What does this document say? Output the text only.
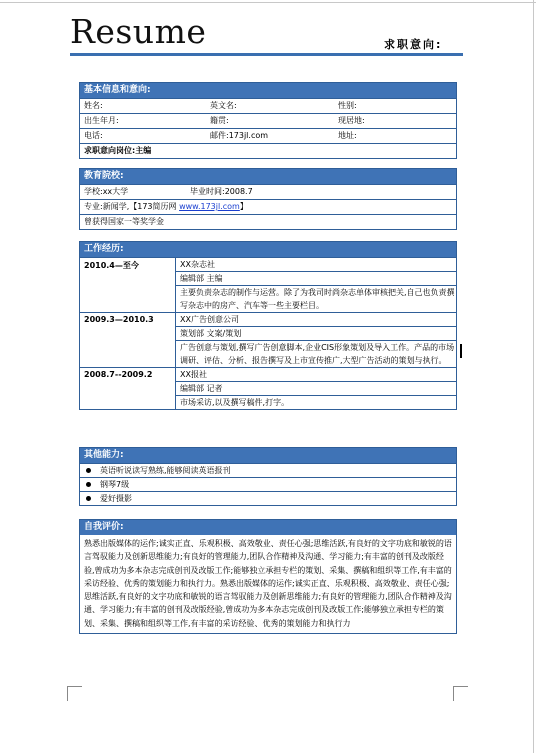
Resume	求职意向:
基本信息和意向:
姓名:	英文名:	性别:
出生年月:	籍贯:	现居地:
电话:	邮件:173jl.com	地址:
求职意向岗位:主编
教育院校:
学校:xx大学	毕业时间:2008.7
专业:新闻学,【173简历网 www.173jl.com】
曾获得国家一等奖学金
工作经历:
2010.4—至今	XX杂志社
编辑部 主编
主要负责杂志的制作与运营。除了为我司时尚杂志单体审核把关,自己也负责撰写杂志中的房产、汽车等一些主要栏目。
2009.3—2010.3	XX广告创意公司
策划部 文案/策划
广告创意与策划,撰写广告创意脚本,企业CIS形象策划及导入工作。产品的市场调研、评估、分析、报告撰写及上市宣传推广,大型广告活动的策划与执行。
2008.7--2009.2	XX报社
编辑部 记者
市场采访,以及撰写稿件,打字。
其他能力:
英语听说读写熟练,能够阅读英语报刊
钢琴7级
爱好摄影
自我评价:
熟悉出版媒体的运作;诚实正直、乐观积极、高效敬业、责任心强;思维活跃,有良好的文字功底和敏锐的语言驾驭能力及创新思维能力;有良好的管理能力,团队合作精神及沟通、学习能力;有丰富的创刊及改版经验,曾成功为多本杂志完成创刊及改版工作;能够独立承担专栏的策划、采集、撰稿和组织等工作,有丰富的采访经验、优秀的策划能力和执行力。熟悉出版媒体的运作;诚实正直、乐观积极、高效敬业、责任心强;思维活跃,有良好的文字功底和敏锐的语言驾驭能力及创新思维能力;有良好的管理能力,团队合作精神及沟通、学习能力;有丰富的创刊及改版经验,曾成功为多本杂志完成创刊及改版工作;能够独立承担专栏的策划、采集、撰稿和组织等工作,有丰富的采访经验、优秀的策划能力和执行力
